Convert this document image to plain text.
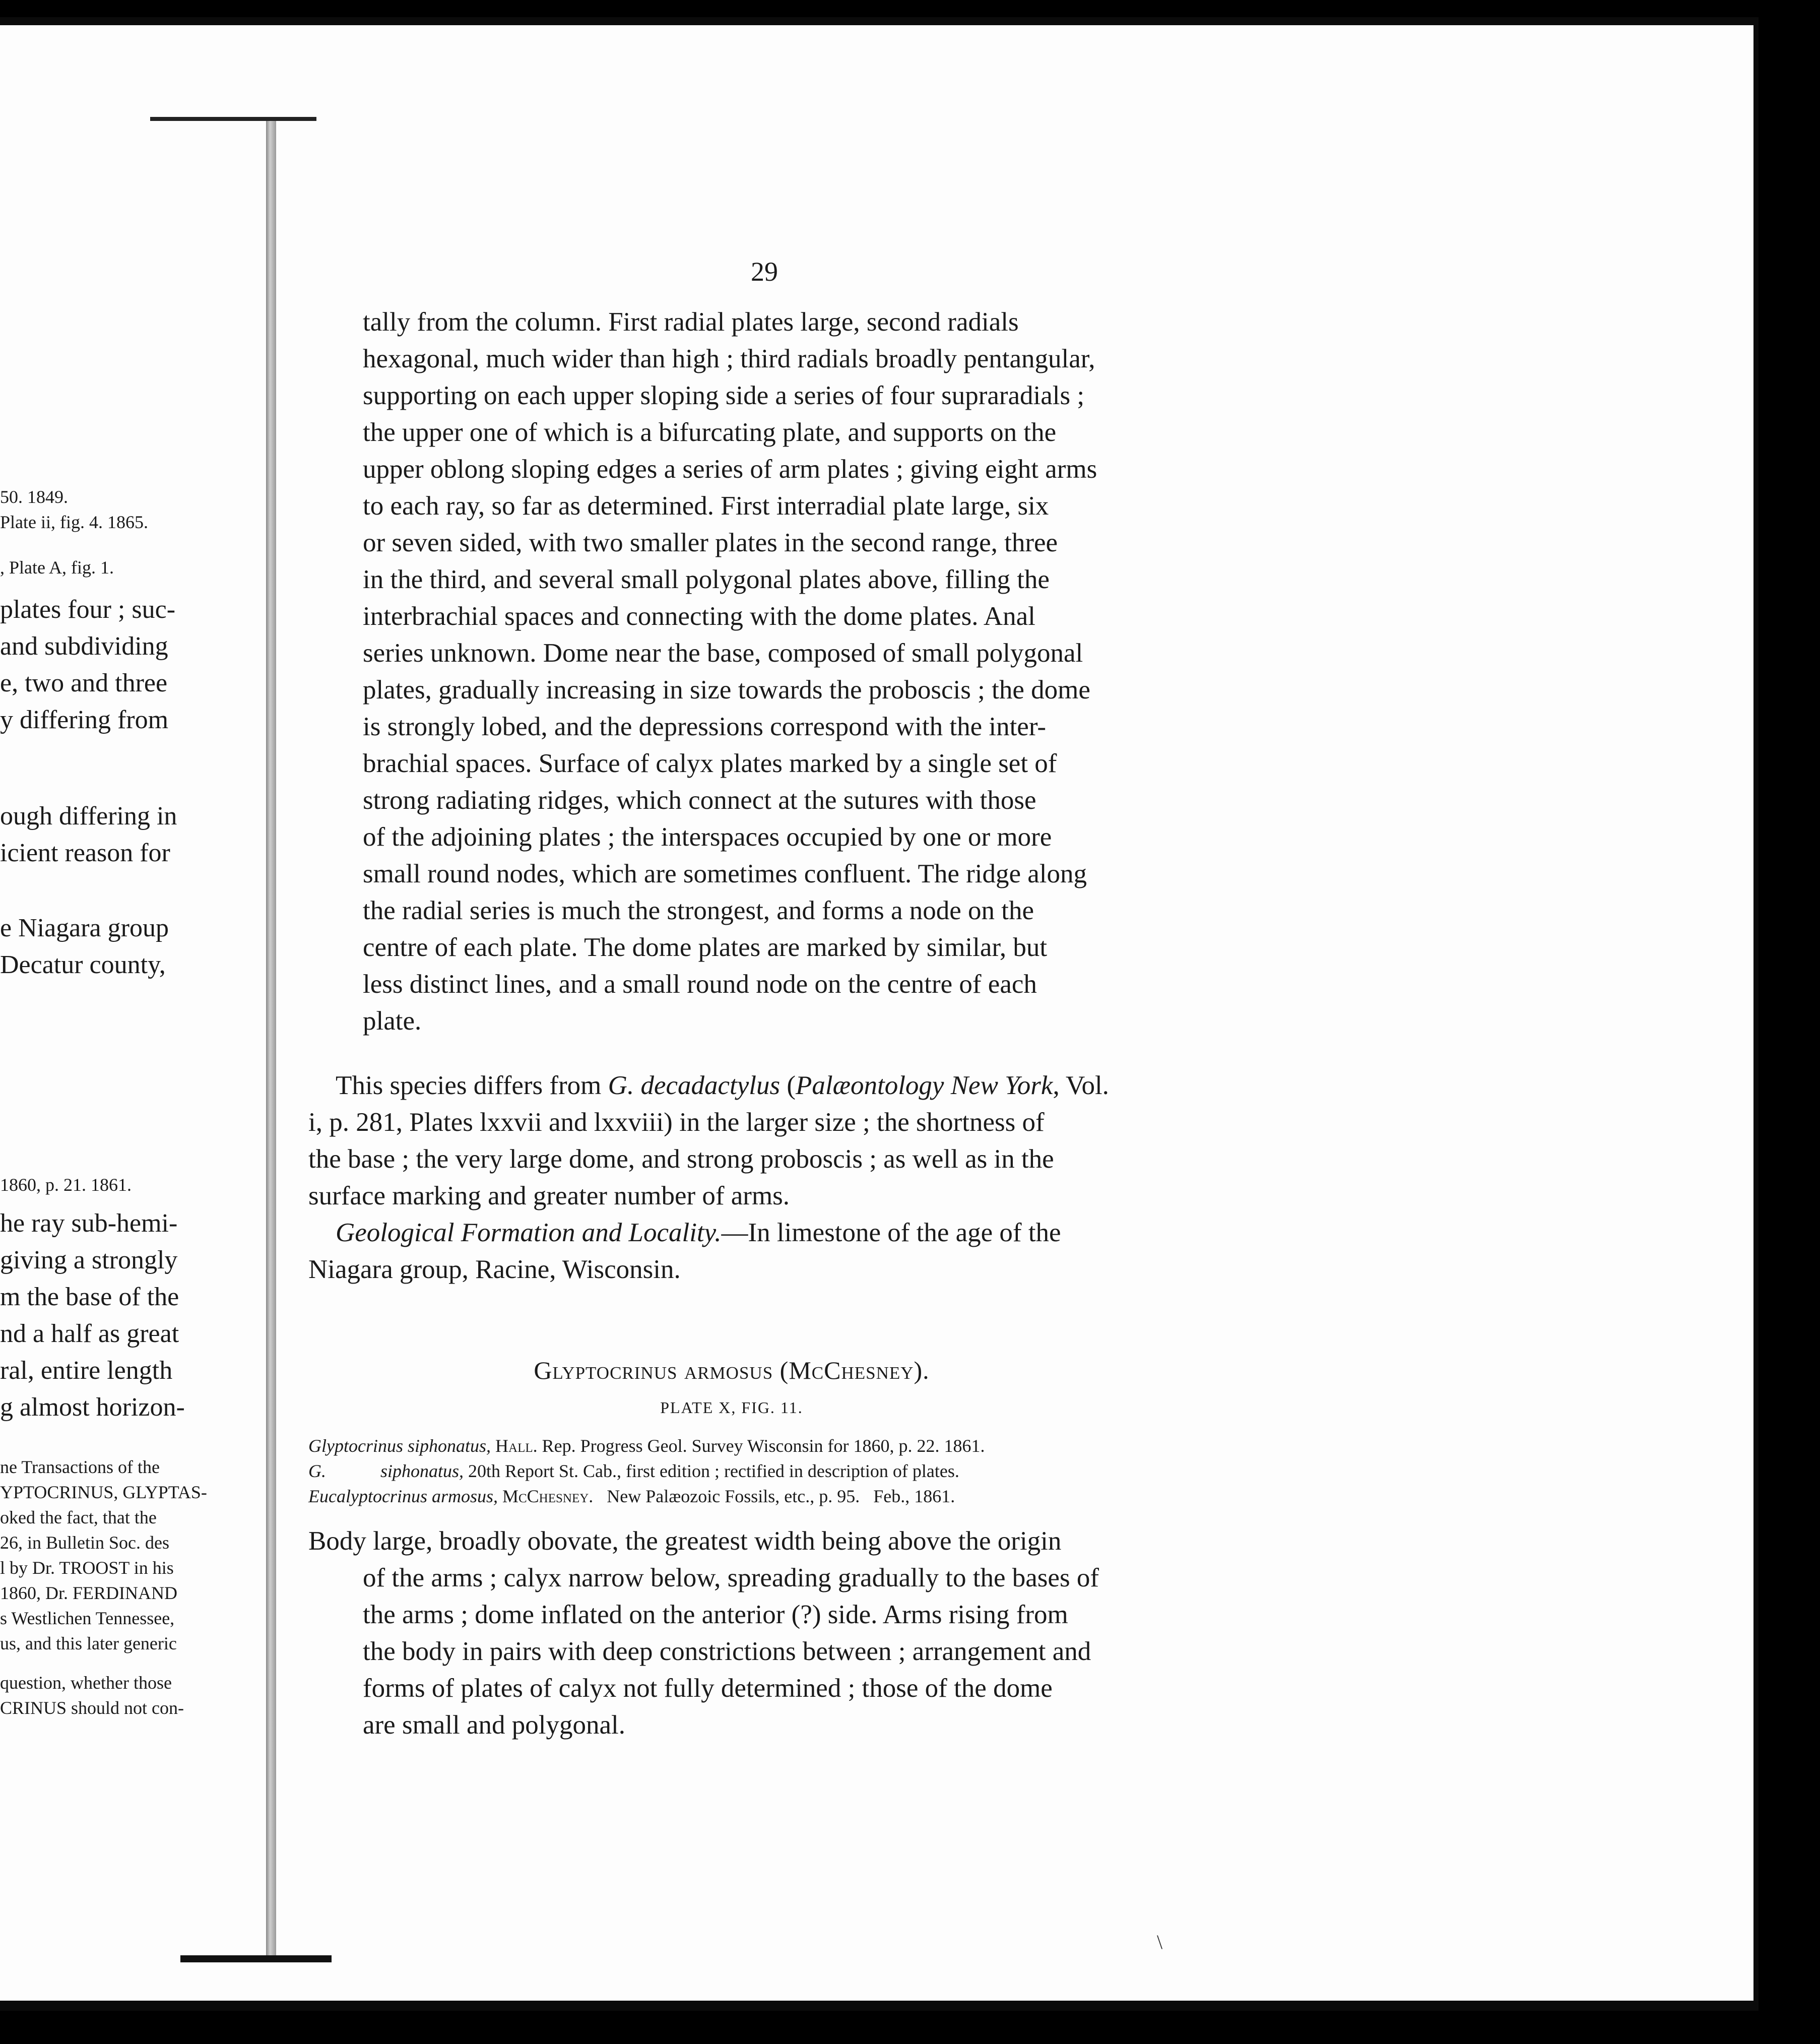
50. 1849.
Plate ii, fig. 4. 1865.
, Plate A, fig. 1.
plates four ; suc-
and subdividing
e, two and three
y differing from
ough differing in
icient reason for
e Niagara group
Decatur county,
1860, p. 21. 1861.
he ray sub-hemi-
giving a strongly
m the base of the
nd a half as great
ral, entire length
g almost horizon-
ne Transactions of the
YPTOCRINUS, GLYPTAS-
oked the fact, that the
26, in Bulletin Soc. des
l by Dr. TROOST in his
1860, Dr. FERDINAND
s Westlichen Tennessee,
us, and this later generic
question, whether those
CRINUS should not con-
29
tally from the column. First radial plates large, second radials
hexagonal, much wider than high ; third radials broadly pentangular,
supporting on each upper sloping side a series of four supraradials ;
the upper one of which is a bifurcating plate, and supports on the
upper oblong sloping edges a series of arm plates ; giving eight arms
to each ray, so far as determined. First interradial plate large, six
or seven sided, with two smaller plates in the second range, three
in the third, and several small polygonal plates above, filling the
interbrachial spaces and connecting with the dome plates. Anal
series unknown. Dome near the base, composed of small polygonal
plates, gradually increasing in size towards the proboscis ; the dome
is strongly lobed, and the depressions correspond with the inter-
brachial spaces. Surface of calyx plates marked by a single set of
strong radiating ridges, which connect at the sutures with those
of the adjoining plates ; the interspaces occupied by one or more
small round nodes, which are sometimes confluent. The ridge along
the radial series is much the strongest, and forms a node on the
centre of each plate. The dome plates are marked by similar, but
less distinct lines, and a small round node on the centre of each
plate.
This species differs from G. decadactylus (Palæontology New York, Vol.
i, p. 281, Plates lxxvii and lxxviii) in the larger size ; the shortness of
the base ; the very large dome, and strong proboscis ; as well as in the
surface marking and greater number of arms.
Geological Formation and Locality.—In limestone of the age of the
Niagara group, Racine, Wisconsin.
Glyptocrinus armosus (McChesney).
PLATE X, FIG. 11.
Glyptocrinus siphonatus, Hall. Rep. Progress Geol. Survey Wisconsin for 1860, p. 22. 1861.
G.            siphonatus, 20th Report St. Cab., first edition ; rectified in description of plates.
Eucalyptocrinus armosus, McChesney.   New Palæozoic Fossils, etc., p. 95.   Feb., 1861.
Body large, broadly obovate, the greatest width being above the origin
of the arms ; calyx narrow below, spreading gradually to the bases of
the arms ; dome inflated on the anterior (?) side. Arms rising from
the body in pairs with deep constrictions between ; arrangement and
forms of plates of calyx not fully determined ; those of the dome
are small and polygonal.
\
